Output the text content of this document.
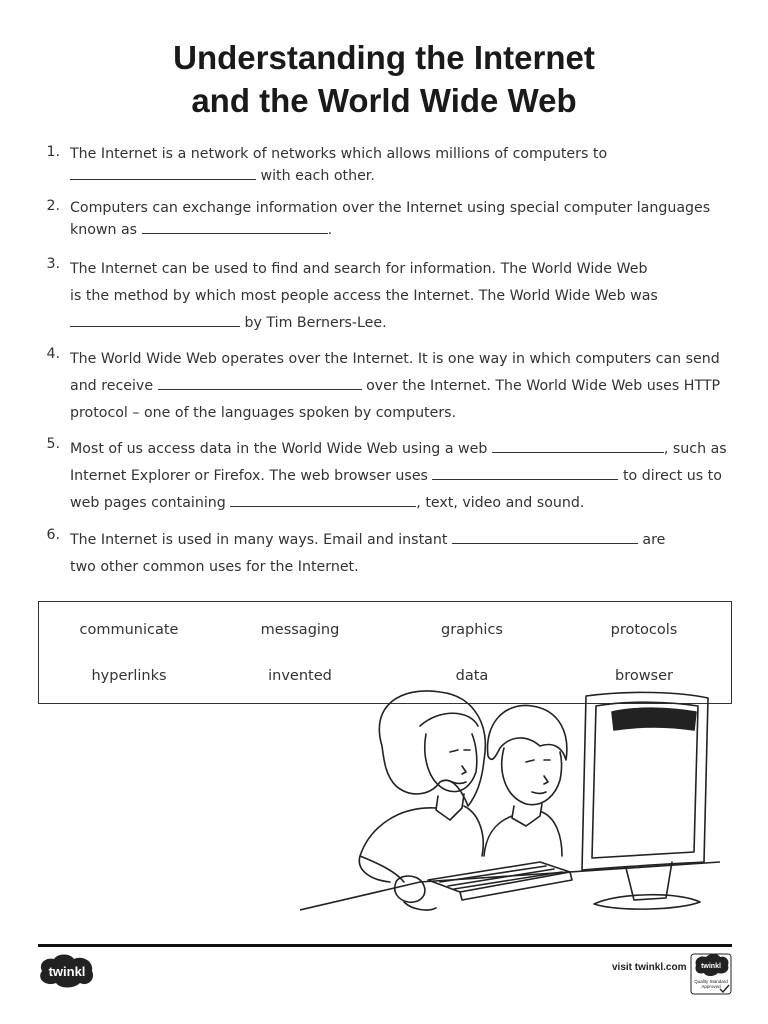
Understanding the Internet
and the World Wide Web
1. The Internet is a network of networks which allows millions of computers to
with each other.
2. Computers can exchange information over the Internet using special computer languages
known as	.
3. The Internet can be used to find and search for information. The World Wide Web
is the method by which most people access the Internet. The World Wide Web was
by Tim Berners-Lee.
4. The World Wide Web operates over the Internet. It is one way in which computers can send
and receive	over the Internet. The World Wide Web uses HTTP
protocol – one of the languages spoken by computers.
5. Most of us access data in the World Wide Web using a web	, such as
Internet Explorer or Firefox. The web browser uses	to direct us to
web pages containing	, text, video and sound.
6. The Internet is used in many ways. Email and instant	are
two other common uses for the Internet.
communicate	messaging	graphics	protocols
hyperlinks	invented	data	browser
twinkl	visit twinkl.com twinkl
Quality Standard
Approved
